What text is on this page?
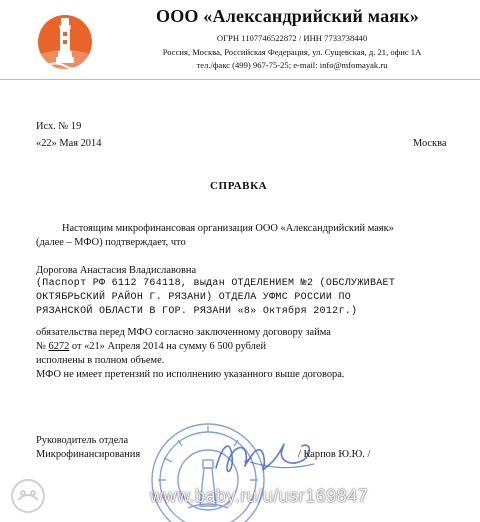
ООО «Александрийский маяк»
ОГРН 1107746522872 / ИНН 7733738440
Россия, Москва, Российская Федерация, ул. Сущевская, д. 21, офис 1А
тел./факс (499) 967-75-25; e-mail: info@mfomayak.ru
Исх. № 19
«22» Мая 2014	Москва
СПРАВКА
Настоящим микрофинансовая организация ООО «Александрийский маяк»
(далее – МФО) подтверждает, что
Дорогова Анастасия Владиславовна
(Паспорт РФ 6112 764118, выдан ОТДЕЛЕНИЕМ №2 (ОБСЛУЖИВАЕТ
ОКТЯБРЬСКИЙ РАЙОН Г. РЯЗАНИ) ОТДЕЛА УФМС РОССИИ ПО
РЯЗАНСКОЙ ОБЛАСТИ В ГОР. РЯЗАНИ «8» Октября 2012г.)
обязательства перед МФО согласно заключенному договору займа
№ 6272 от «21» Апреля 2014 на сумму 6 500 рублей
исполнены в полном объеме.
МФО не имеет претензий по исполнению указанного выше договора.
Руководитель отдела
Микрофинансирования	/ Карпов Ю.Ю. /
www.baby.ru/u/usr169847
